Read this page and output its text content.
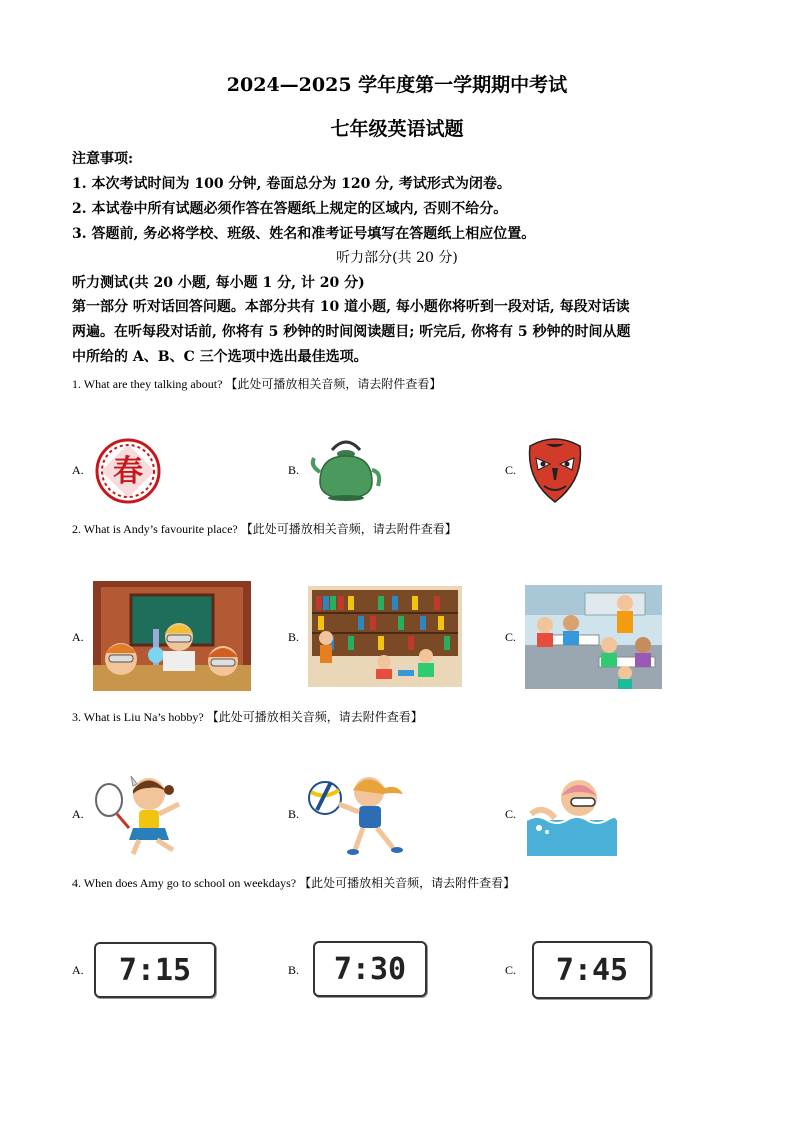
2024—2025 学年度第一学期期中考试
七年级英语试题
注意事项:
1. 本次考试时间为 100 分钟, 卷面总分为 120 分, 考试形式为闭卷。
2. 本试卷中所有试题必须作答在答题纸上规定的区域内, 否则不给分。
3. 答题前, 务必将学校、班级、姓名和准考证号填写在答题纸上相应位置。
听力部分(共 20 分)
听力测试(共 20 小题, 每小题 1 分, 计 20 分)
第一部分 听对话回答问题。本部分共有 10 道小题, 每小题你将听到一段对话, 每段对话读
两遍。在听每段对话前, 你将有 5 秒钟的时间阅读题目; 听完后, 你将有 5 秒钟的时间从题
中所给的 A、B、C 三个选项中选出最佳选项。
1. What are they talking about? 【此处可播放相关音频，请去附件查看】
A. 春	B.	C.
2. What is Andy’s favourite place? 【此处可播放相关音频，请去附件查看】
A.	B.	C.
3. What is Liu Na’s hobby? 【此处可播放相关音频，请去附件查看】
A.	B.	C.
4. When does Amy go to school on weekdays? 【此处可播放相关音频，请去附件查看】
A.	7:15	B.	7:30	C.	7:45
